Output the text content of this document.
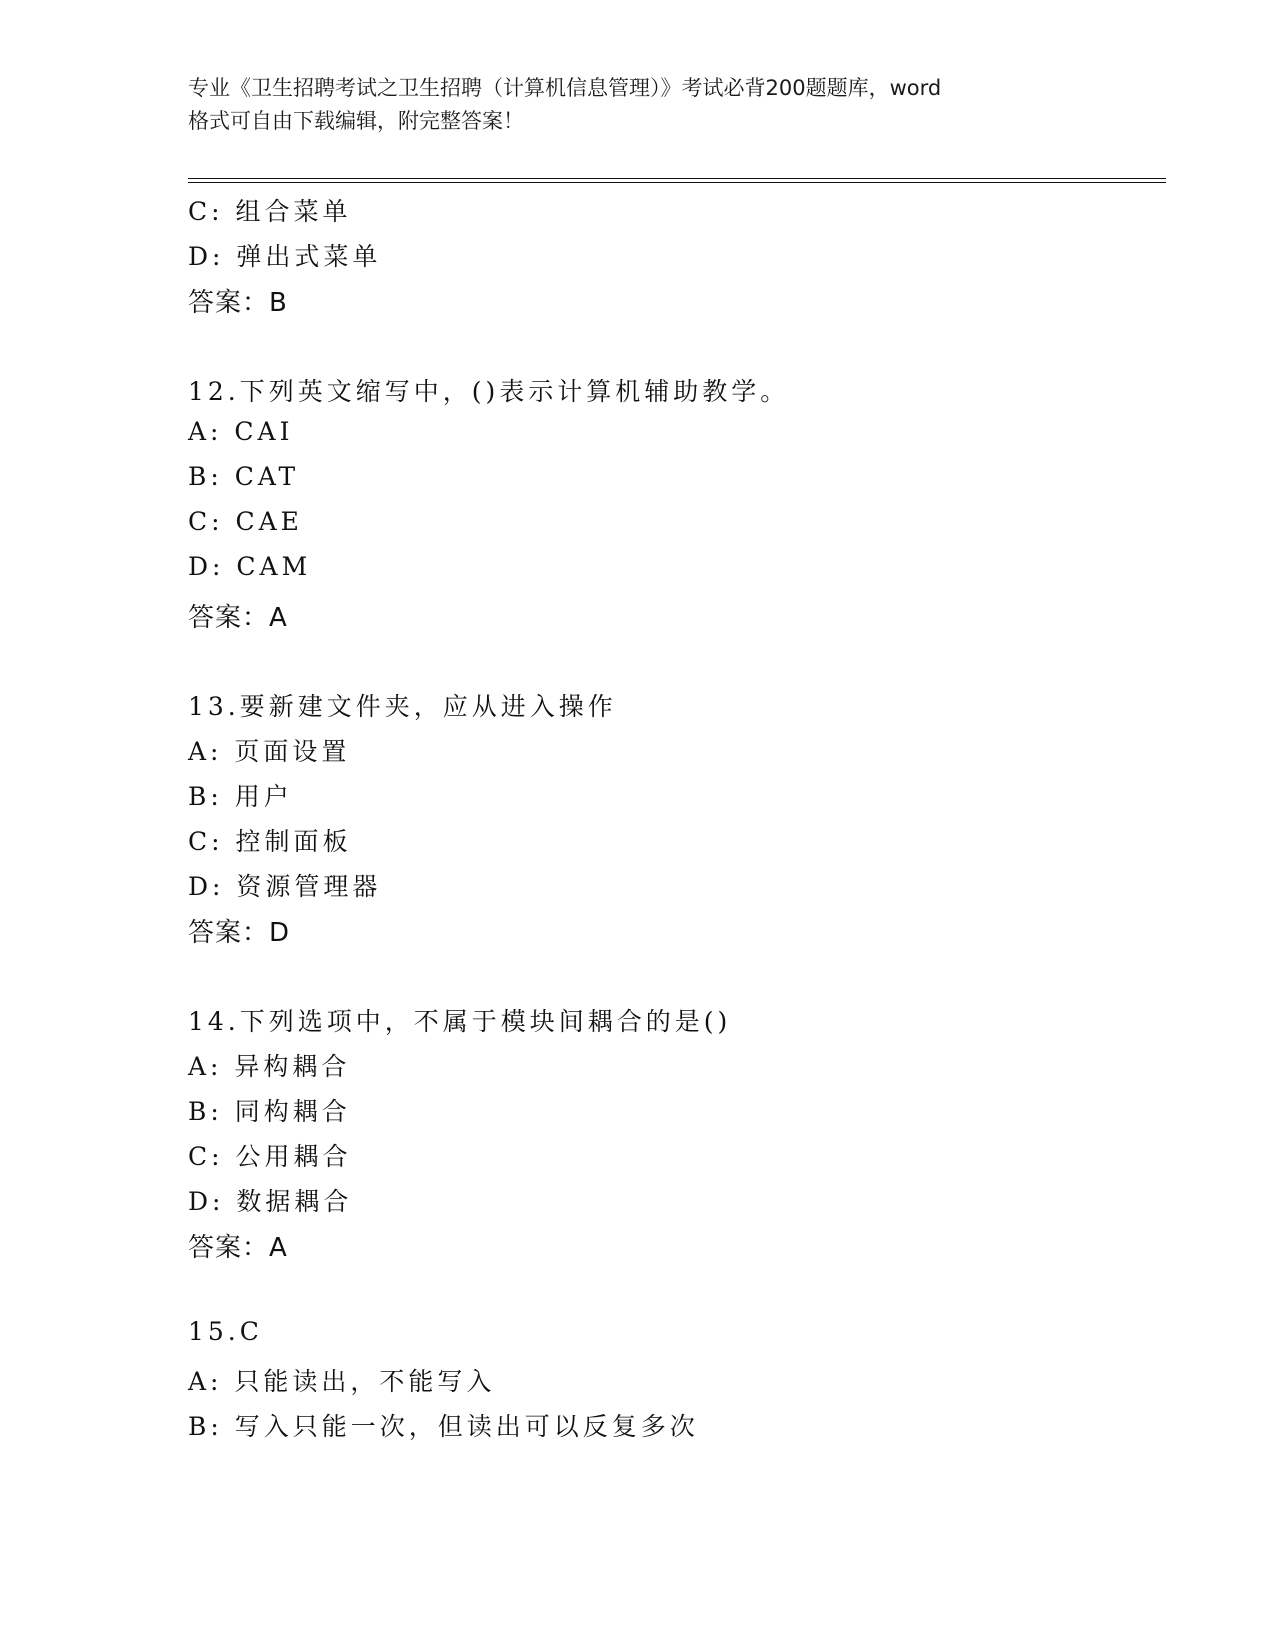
专业《卫生招聘考试之卫生招聘（计算机信息管理）》考试必背200题题库，word
格式可自由下载编辑，附完整答案！
C: 组合菜单
D: 弹出式菜单
答案：B
12.下列英文缩写中，()表示计算机辅助教学。
A: CAI
B: CAT
C: CAE
D: CAM
答案：A
13.要新建文件夹，应从进入操作
A: 页面设置
B: 用户
C: 控制面板
D: 资源管理器
答案：D
14.下列选项中，不属于模块间耦合的是()
A: 异构耦合
B: 同构耦合
C: 公用耦合
D: 数据耦合
答案：A
15.C
A: 只能读出，不能写入
B: 写入只能一次，但读出可以反复多次
